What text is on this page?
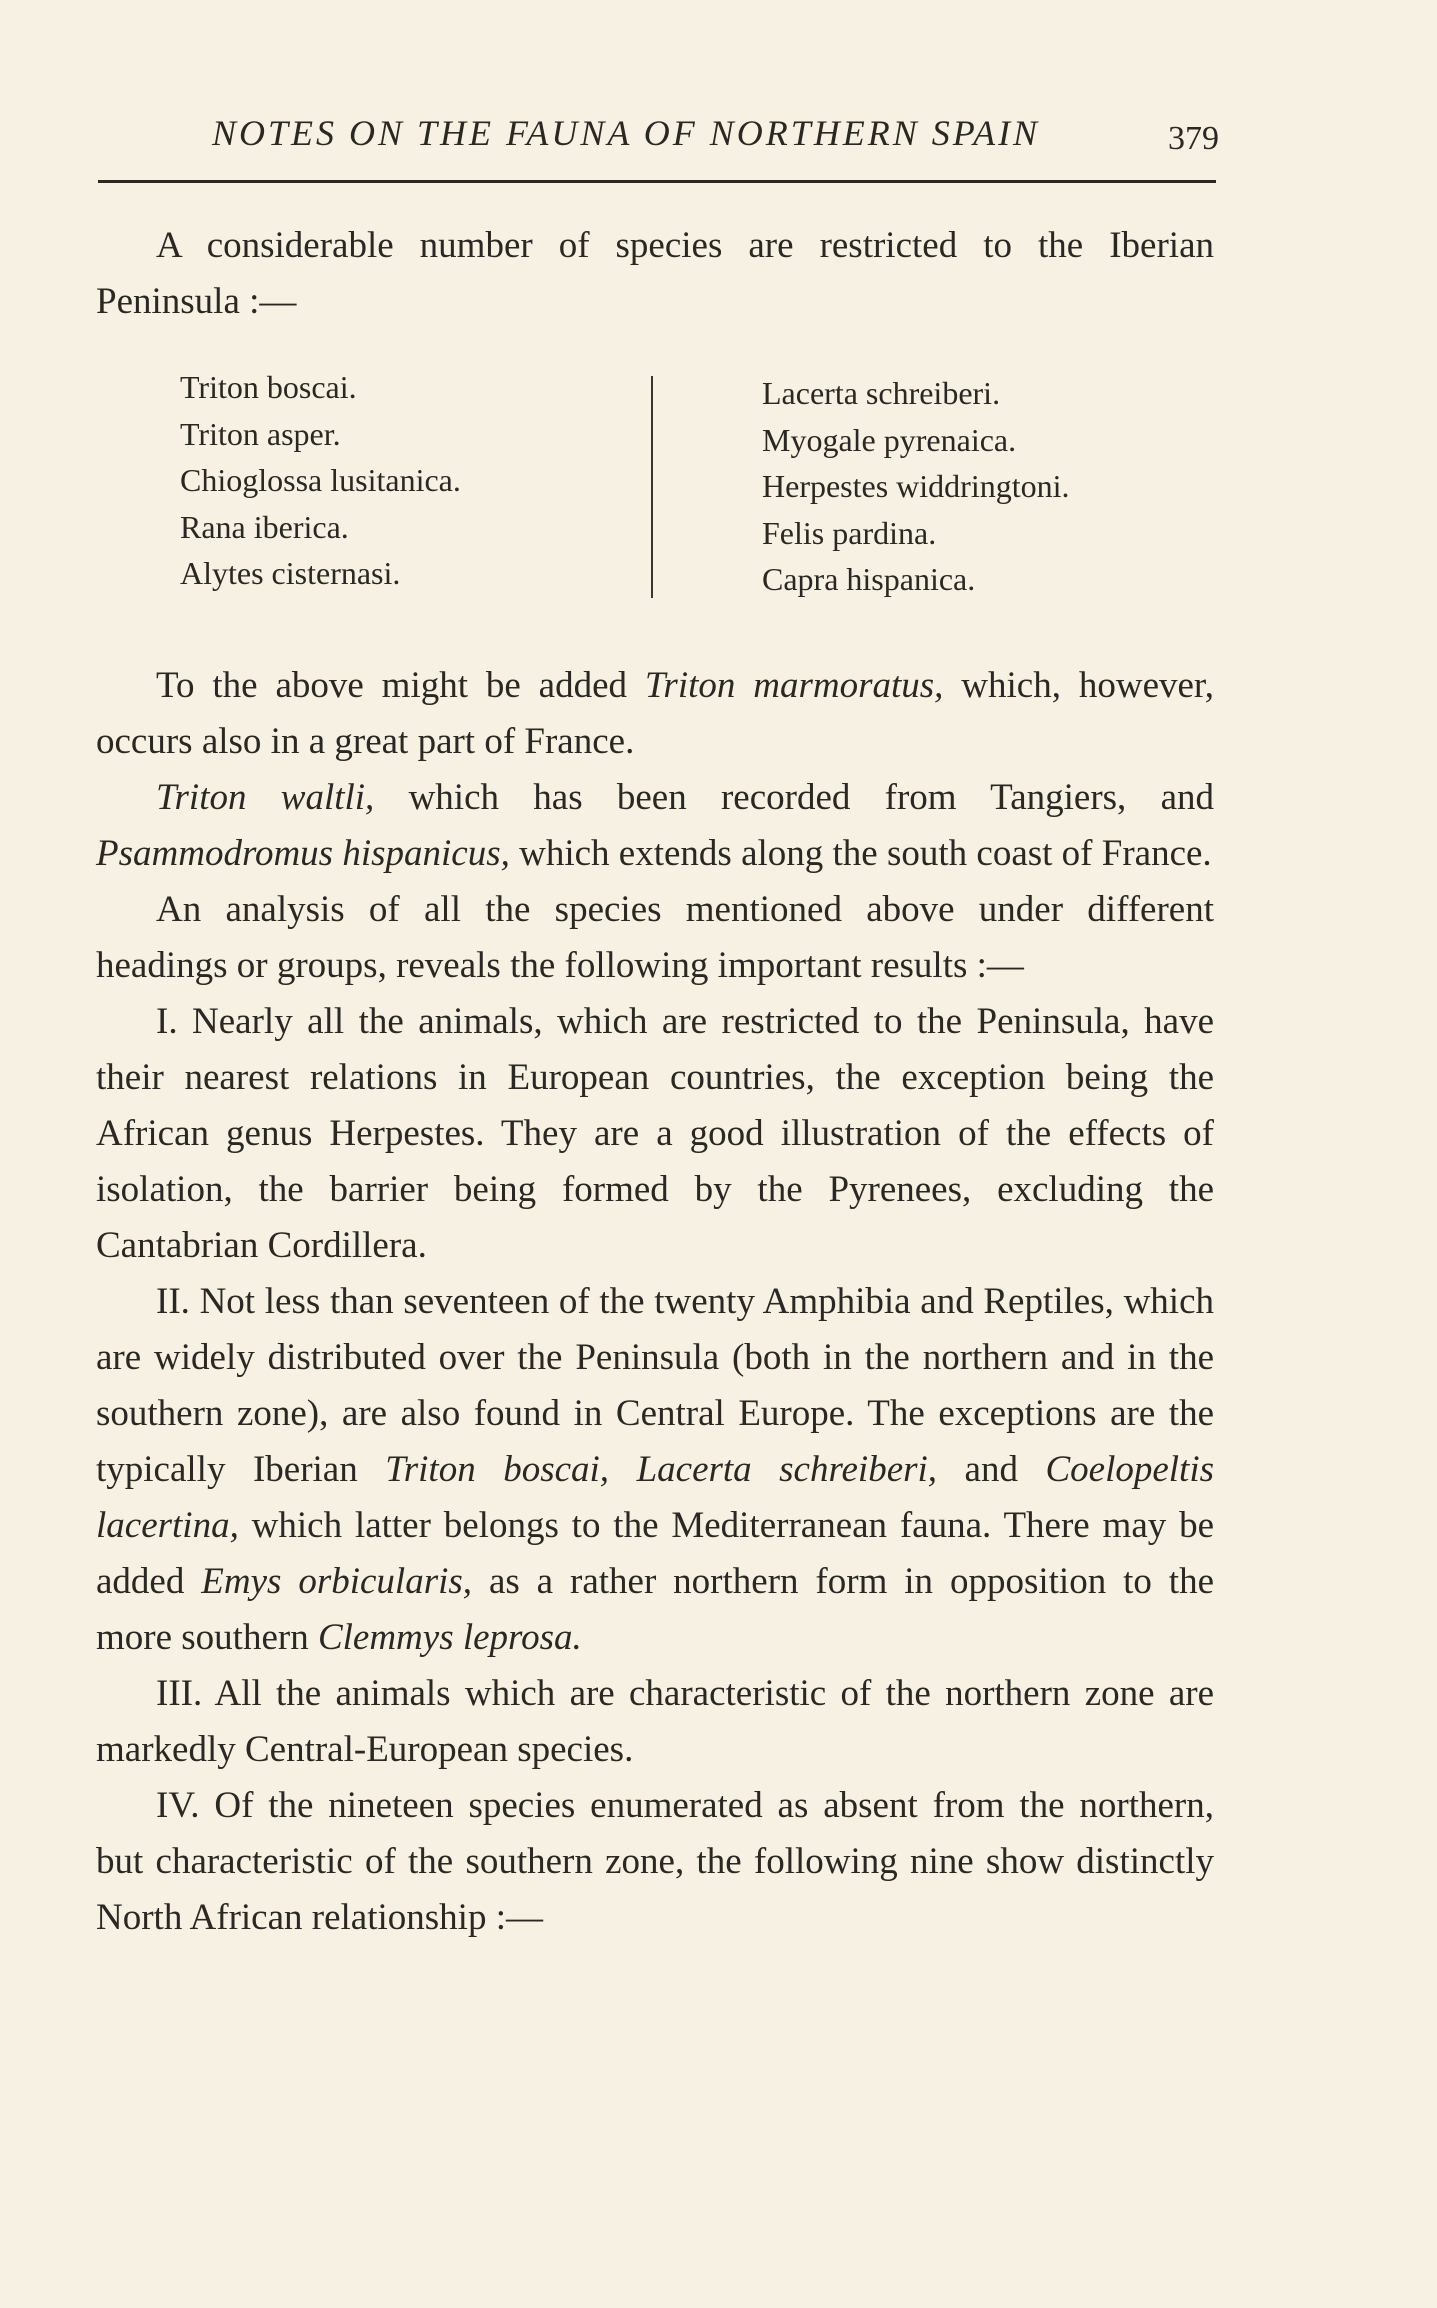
NOTES ON THE FAUNA OF NORTHERN SPAIN	379

A considerable number of species are restricted to the Iberian Peninsula :—

Triton boscai.
Triton asper.
Chioglossa lusitanica.
Rana iberica.
Alytes cisternasi.
Lacerta schreiberi.
Myogale pyrenaica.
Herpestes widdringtoni.
Felis pardina.
Capra hispanica.

To the above might be added Triton marmoratus, which, however, occurs also in a great part of France.

Triton waltli, which has been recorded from Tangiers, and Psammodromus hispanicus, which extends along the south coast of France.

An analysis of all the species mentioned above under different headings or groups, reveals the following important results :—

I. Nearly all the animals, which are restricted to the Peninsula, have their nearest relations in European countries, the exception being the African genus Herpestes. They are a good illustration of the effects of isolation, the barrier being formed by the Pyrenees, excluding the Cantabrian Cordillera.

II. Not less than seventeen of the twenty Amphibia and Reptiles, which are widely distributed over the Peninsula (both in the northern and in the southern zone), are also found in Central Europe. The exceptions are the typically Iberian Triton boscai, Lacerta schreiberi, and Coelopeltis lacertina, which latter belongs to the Mediterranean fauna. There may be added Emys orbicularis, as a rather northern form in opposition to the more southern Clemmys leprosa.

III. All the animals which are characteristic of the northern zone are markedly Central-European species.

IV. Of the nineteen species enumerated as absent from the northern, but characteristic of the southern zone, the following nine show distinctly North African relationship :—
